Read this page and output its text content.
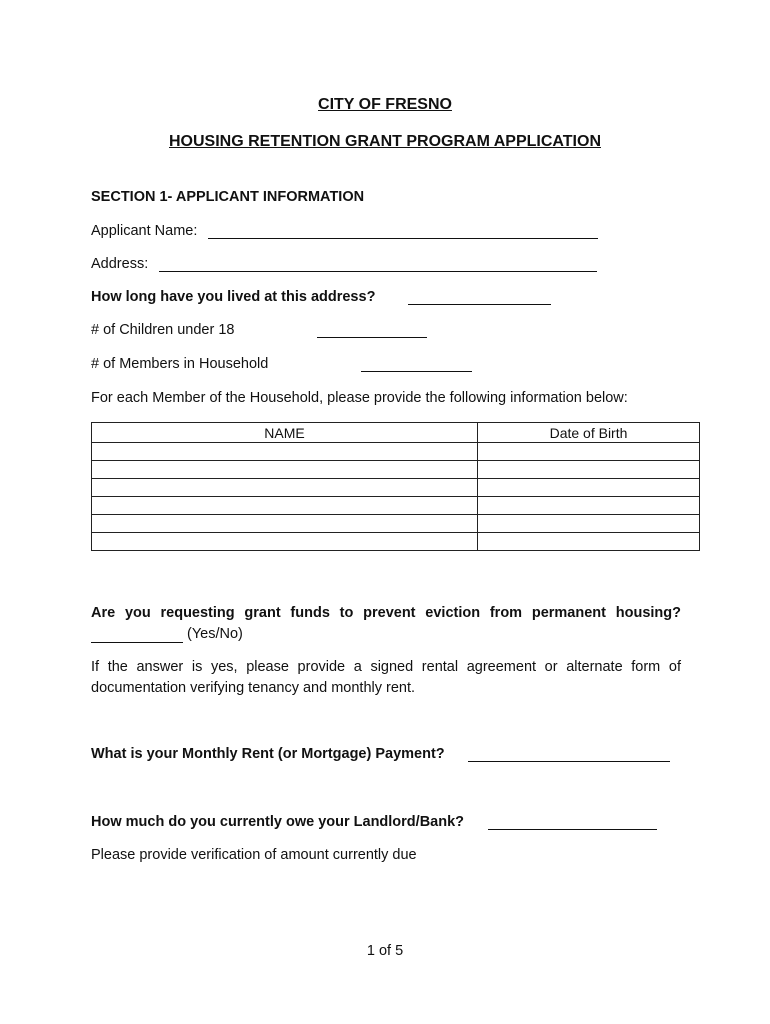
CITY OF FRESNO
HOUSING RETENTION GRANT PROGRAM APPLICATION
SECTION 1- APPLICANT INFORMATION
Applicant Name:
Address:
How long have you lived at this address?
# of Children under 18
# of Members in Household
For each Member of the Household, please provide the following information below:
NAME	Date of Birth

Are you requesting grant funds to prevent eviction from permanent housing?
(Yes/No)
If the answer is yes, please provide a signed rental agreement or alternate form of
documentation verifying tenancy and monthly rent.
What is your Monthly Rent (or Mortgage) Payment?
How much do you currently owe your Landlord/Bank?
Please provide verification of amount currently due
1 of 5
